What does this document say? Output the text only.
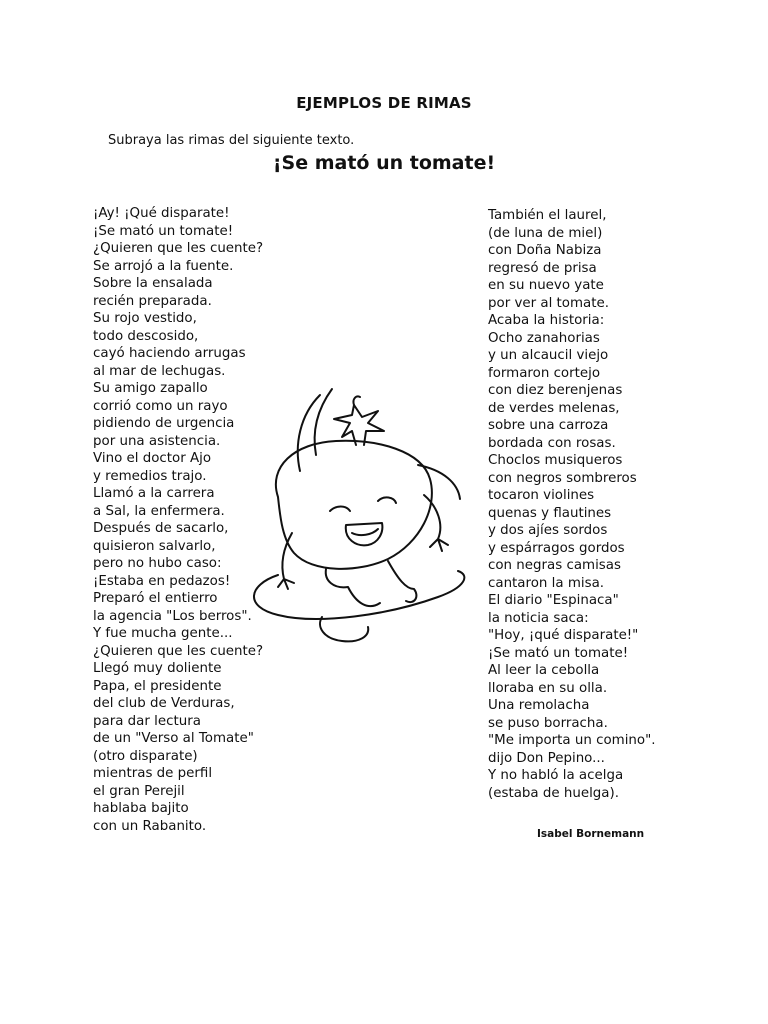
EJEMPLOS DE RIMAS
Subraya las rimas del siguiente texto.
¡Se mató un tomate!
¡Ay! ¡Qué disparate!
¡Se mató un tomate!
¿Quieren que les cuente?
Se arrojó a la fuente.
Sobre la ensalada
recién preparada.
Su rojo vestido,
todo descosido,
cayó haciendo arrugas
al mar de lechugas.
Su amigo zapallo
corrió como un rayo
pidiendo de urgencia
por una asistencia.
Vino el doctor Ajo
y remedios trajo.
Llamó a la carrera
a Sal, la enfermera.
Después de sacarlo,
quisieron salvarlo,
pero no hubo caso:
¡Estaba en pedazos!
Preparó el entierro
la agencia "Los berros".
Y fue mucha gente...
¿Quieren que les cuente?
Llegó muy doliente
Papa, el presidente
del club de Verduras,
para dar lectura
de un "Verso al Tomate"
(otro disparate)
mientras de perfil
el gran Perejil
hablaba bajito
con un Rabanito.
También el laurel,
(de luna de miel)
con Doña Nabiza
regresó de prisa
en su nuevo yate
por ver al tomate.
Acaba la historia:
Ocho zanahorias
y un alcaucil viejo
formaron cortejo
con diez berenjenas
de verdes melenas,
sobre una carroza
bordada con rosas.
Choclos musiqueros
con negros sombreros
tocaron violines
quenas y flautines
y dos ajíes sordos
y espárragos gordos
con negras camisas
cantaron la misa.
El diario "Espinaca"
la noticia saca:
"Hoy, ¡qué disparate!"
¡Se mató un tomate!
Al leer la cebolla
lloraba en su olla.
Una remolacha
se puso borracha.
"Me importa un comino".
dijo Don Pepino...
Y no habló la acelga
(estaba de huelga).
Isabel Bornemann
